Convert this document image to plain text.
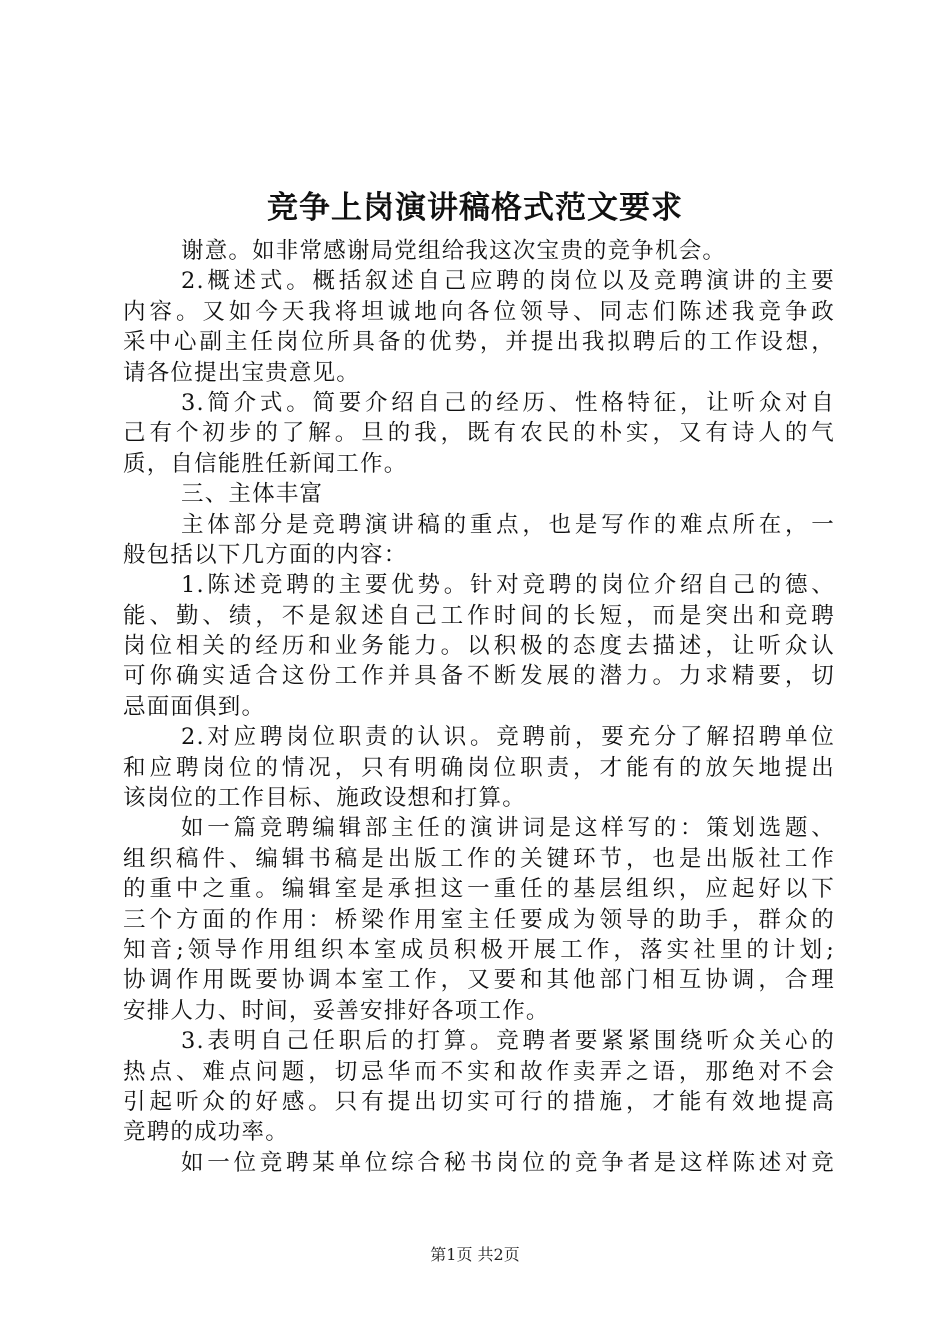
竞争上岗演讲稿格式范文要求
谢意。如非常感谢局党组给我这次宝贵的竞争机会。
2.概述式。概括叙述自己应聘的岗位以及竞聘演讲的主要
内容。又如今天我将坦诚地向各位领导、同志们陈述我竞争政
采中心副主任岗位所具备的优势，并提出我拟聘后的工作设想，
请各位提出宝贵意见。
3.简介式。简要介绍自己的经历、性格特征，让听众对自
己有个初步的了解。旦的我，既有农民的朴实，又有诗人的气
质，自信能胜任新闻工作。
三、主体丰富
主体部分是竞聘演讲稿的重点，也是写作的难点所在，一
般包括以下几方面的内容：
1.陈述竞聘的主要优势。针对竞聘的岗位介绍自己的德、
能、勤、绩，不是叙述自己工作时间的长短，而是突出和竞聘
岗位相关的经历和业务能力。以积极的态度去描述，让听众认
可你确实适合这份工作并具备不断发展的潜力。力求精要，切
忌面面俱到。
2.对应聘岗位职责的认识。竞聘前，要充分了解招聘单位
和应聘岗位的情况，只有明确岗位职责，才能有的放矢地提出
该岗位的工作目标、施政设想和打算。
如一篇竞聘编辑部主任的演讲词是这样写的：策划选题、
组织稿件、编辑书稿是出版工作的关键环节，也是出版社工作
的重中之重。编辑室是承担这一重任的基层组织，应起好以下
三个方面的作用：桥梁作用室主任要成为领导的助手，群众的
知音;领导作用组织本室成员积极开展工作，落实社里的计划;
协调作用既要协调本室工作，又要和其他部门相互协调，合理
安排人力、时间，妥善安排好各项工作。
3.表明自己任职后的打算。竞聘者要紧紧围绕听众关心的
热点、难点问题，切忌华而不实和故作卖弄之语，那绝对不会
引起听众的好感。只有提出切实可行的措施，才能有效地提高
竞聘的成功率。
如一位竞聘某单位综合秘书岗位的竞争者是这样陈述对竞
第1页 共2页
